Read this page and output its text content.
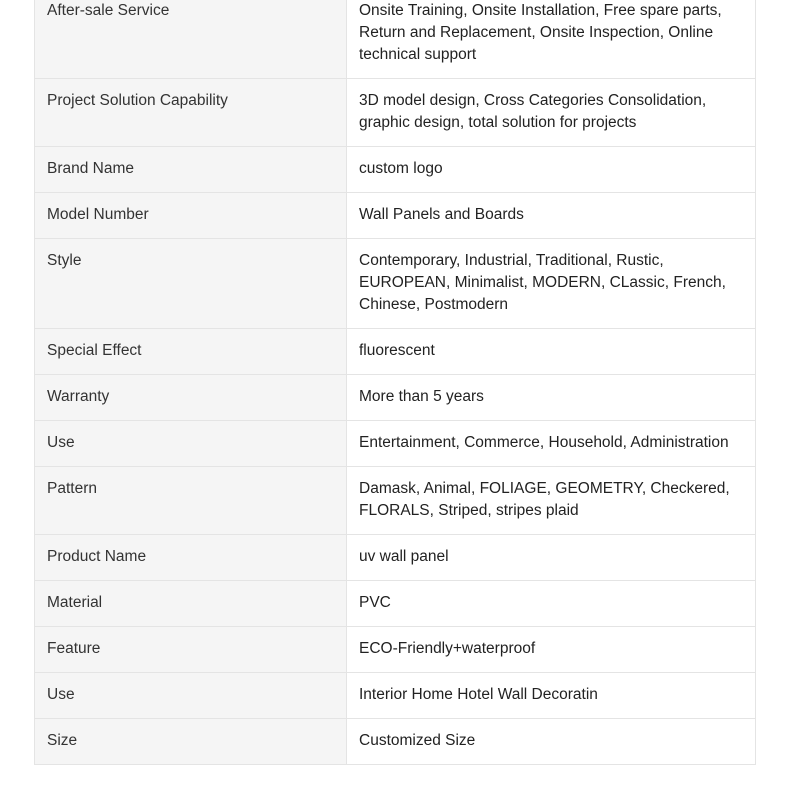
After-sale Service	Onsite Training, Onsite Installation, Free spare parts, Return and Replacement, Onsite Inspection, Online technical support
Project Solution Capability	3D model design, Cross Categories Consolidation, graphic design, total solution for projects
Brand Name	custom logo
Model Number	Wall Panels and Boards
Style	Contemporary, Industrial, Traditional, Rustic, EUROPEAN, Minimalist, MODERN, CLassic, French, Chinese, Postmodern
Special Effect	fluorescent
Warranty	More than 5 years
Use	Entertainment, Commerce, Household, Administration
Pattern	Damask, Animal, FOLIAGE, GEOMETRY, Checkered, FLORALS, Striped, stripes plaid
Product Name	uv wall panel
Material	PVC
Feature	ECO-Friendly+waterproof
Use	Interior Home Hotel Wall Decoratin
Size	Customized Size
